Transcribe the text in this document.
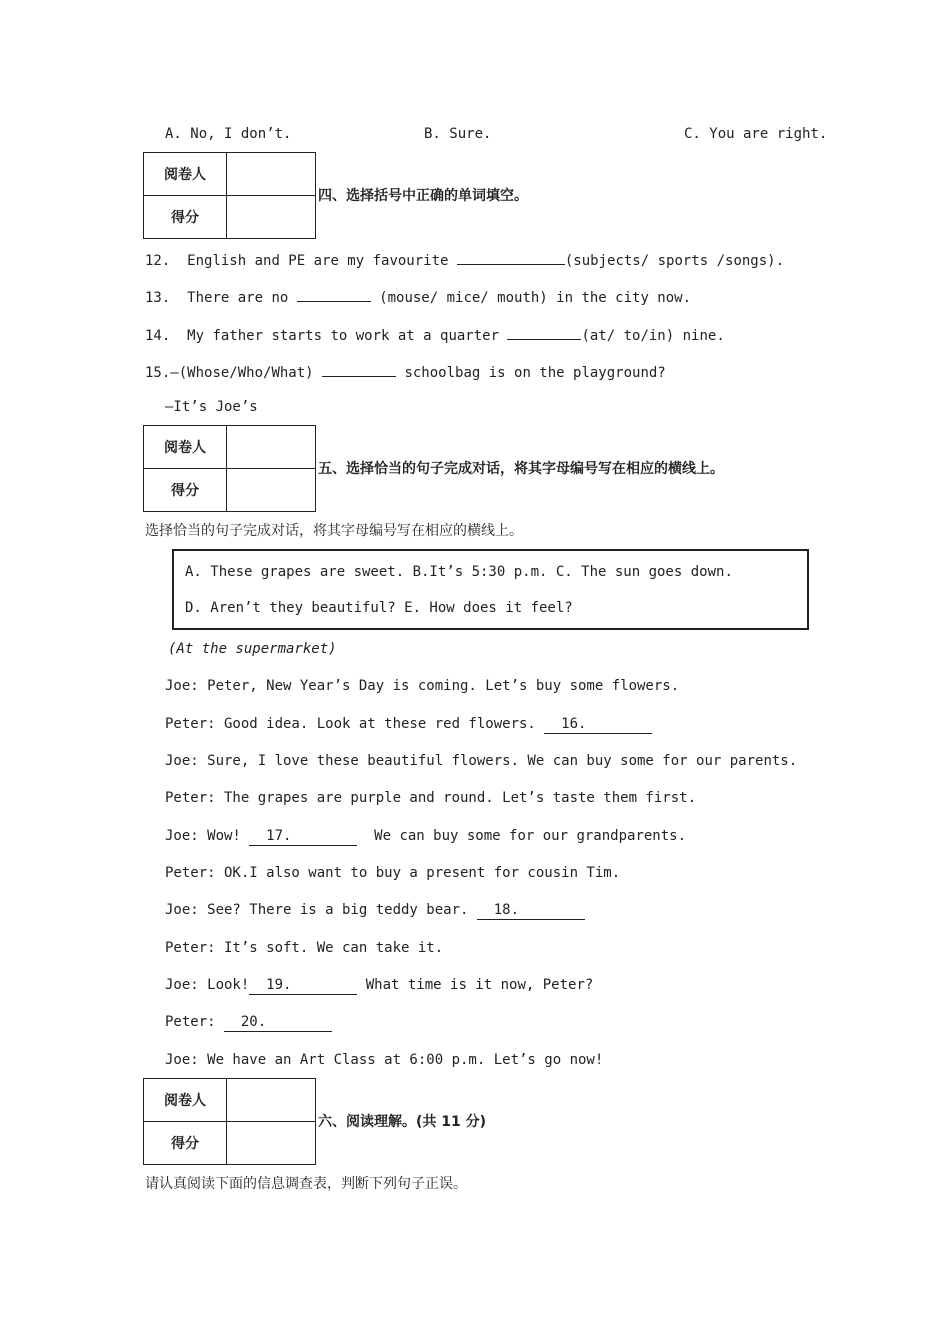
A. No, I don’t.	B. Sure.	C. You are right.
阅卷人	
得分	
四、选择括号中正确的单词填空。
12. English and PE are my favourite	(subjects/ sports /songs).
13. There are no	(mouse/ mice/ mouth) in the city now.
14. My father starts to work at a quarter	(at/ to/in) nine.
15.—(Whose/Who/What)	schoolbag is on the playground?
—It’s Joe’s
阅卷人	
得分	
五、选择恰当的句子完成对话，将其字母编号写在相应的横线上。
选择恰当的句子完成对话，将其字母编号写在相应的横线上。
A. These grapes are sweet. B.It’s 5:30 p.m. C. The sun goes down.
D. Aren’t they beautiful? E. How does it feel?
(At the supermarket)
Joe: Peter, New Year’s Day is coming. Let’s buy some flowers.
Peter: Good idea. Look at these red flowers.   16.
Joe: Sure, I love these beautiful flowers. We can buy some for our parents.
Peter: The grapes are purple and round. Let’s taste them first.
Joe: Wow!   17.	We can buy some for our grandparents.
Peter: OK.I also want to buy a present for cousin Tim.
Joe: See? There is a big teddy bear.   18.
Peter: It’s soft. We can take it.
Joe: Look! 19.	What time is it now, Peter?
Peter:   20.
Joe: We have an Art Class at 6:00 p.m. Let’s go now!
阅卷人	
得分	
六、阅读理解。(共 11 分)
请认真阅读下面的信息调查表，判断下列句子正误。
